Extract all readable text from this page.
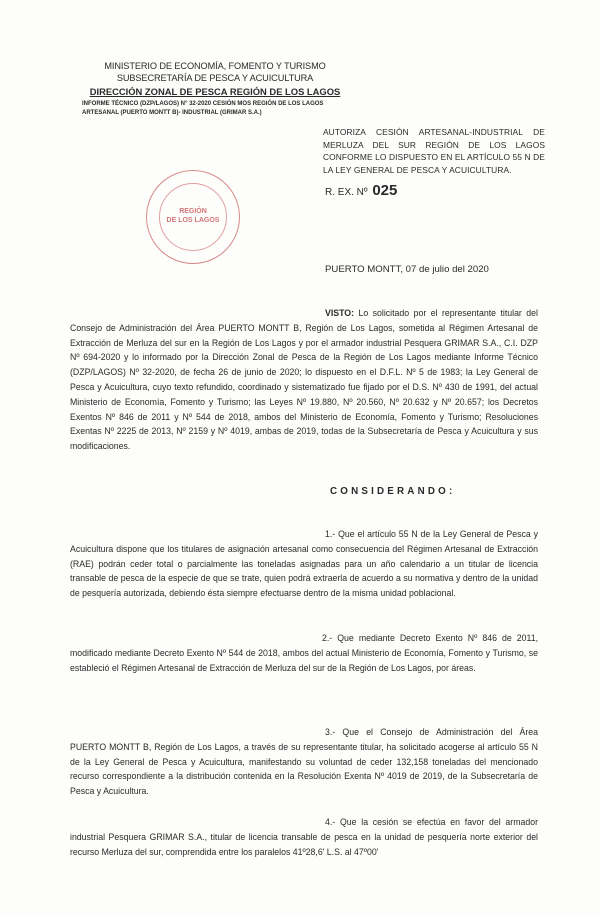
MINISTERIO DE ECONOMÍA, FOMENTO Y TURISMO
SUBSECRETARÍA DE PESCA Y ACUICULTURA
DIRECCIÓN ZONAL DE PESCA REGIÓN DE LOS LAGOS
INFORME TÉCNICO (DZP/LAGOS) N° 32-2020 CESIÓN MOS REGIÓN DE LOS LAGOS
ARTESANAL (PUERTO MONTT B)- INDUSTRIAL (GRIMAR S.A.)
AUTORIZA CESIÓN ARTESANAL-INDUSTRIAL DE MERLUZA DEL SUR REGIÓN DE LOS LAGOS CONFORME LO DISPUESTO EN EL ARTÍCULO 55 N DE LA LEY GENERAL DE PESCA Y ACUICULTURA.
REGIÓN
DE LOS LAGOS
R. EX. Nº 025
PUERTO MONTT, 07 de julio del 2020
VISTO: Lo solicitado por el representante titular del Consejo de Administración del Área PUERTO MONTT B, Región de Los Lagos, sometida al Régimen Artesanal de Extracción de Merluza del sur en la Región de Los Lagos y por el armador industrial Pesquera GRIMAR S.A., C.I. DZP Nº 694-2020 y lo informado por la Dirección Zonal de Pesca de la Región de Los Lagos mediante Informe Técnico (DZP/LAGOS) Nº 32-2020, de fecha 26 de junio de 2020; lo dispuesto en el D.F.L. Nº 5 de 1983; la Ley General de Pesca y Acuicultura, cuyo texto refundido, coordinado y sistematizado fue fijado por el D.S. Nº 430 de 1991, del actual Ministerio de Economía, Fomento y Turismo; las Leyes Nº 19.880, Nº 20.560, Nº 20.632 y Nº 20.657; los Decretos Exentos Nº 846 de 2011 y Nº 544 de 2018, ambos del Ministerio de Economía, Fomento y Turismo; Resoluciones Exentas Nº 2225 de 2013, Nº 2159 y Nº 4019, ambas de 2019, todas de la Subsecretaría de Pesca y Acuicultura y sus modificaciones.
CONSIDERANDO:
1.- Que el artículo 55 N de la Ley General de Pesca y Acuicultura dispone que los titulares de asignación artesanal como consecuencia del Régimen Artesanal de Extracción (RAE) podrán ceder total o parcialmente las toneladas asignadas para un año calendario a un titular de licencia transable de pesca de la especie de que se trate, quien podrá extraerla de acuerdo a su normativa y dentro de la unidad de pesquería autorizada, debiendo ésta siempre efectuarse dentro de la misma unidad poblacional.
2.- Que mediante Decreto Exento Nº 846 de 2011, modificado mediante Decreto Exento Nº 544 de 2018, ambos del actual Ministerio de Economía, Fomento y Turismo, se estableció el Régimen Artesanal de Extracción de Merluza del sur de la Región de Los Lagos, por áreas.
3.- Que el Consejo de Administración del Área PUERTO MONTT B, Región de Los Lagos, a través de su representante titular, ha solicitado acogerse al artículo 55 N de la Ley General de Pesca y Acuicultura, manifestando su voluntad de ceder 132,158 toneladas del mencionado recurso correspondiente a la distribución contenida en la Resolución Exenta Nº 4019 de 2019, de la Subsecretaría de Pesca y Acuicultura.
4.- Que la cesión se efectúa en favor del armador industrial Pesquera GRIMAR S.A., titular de licencia transable de pesca en la unidad de pesquería norte exterior del recurso Merluza del sur, comprendida entre los paralelos 41º28,6' L.S. al 47º00'
